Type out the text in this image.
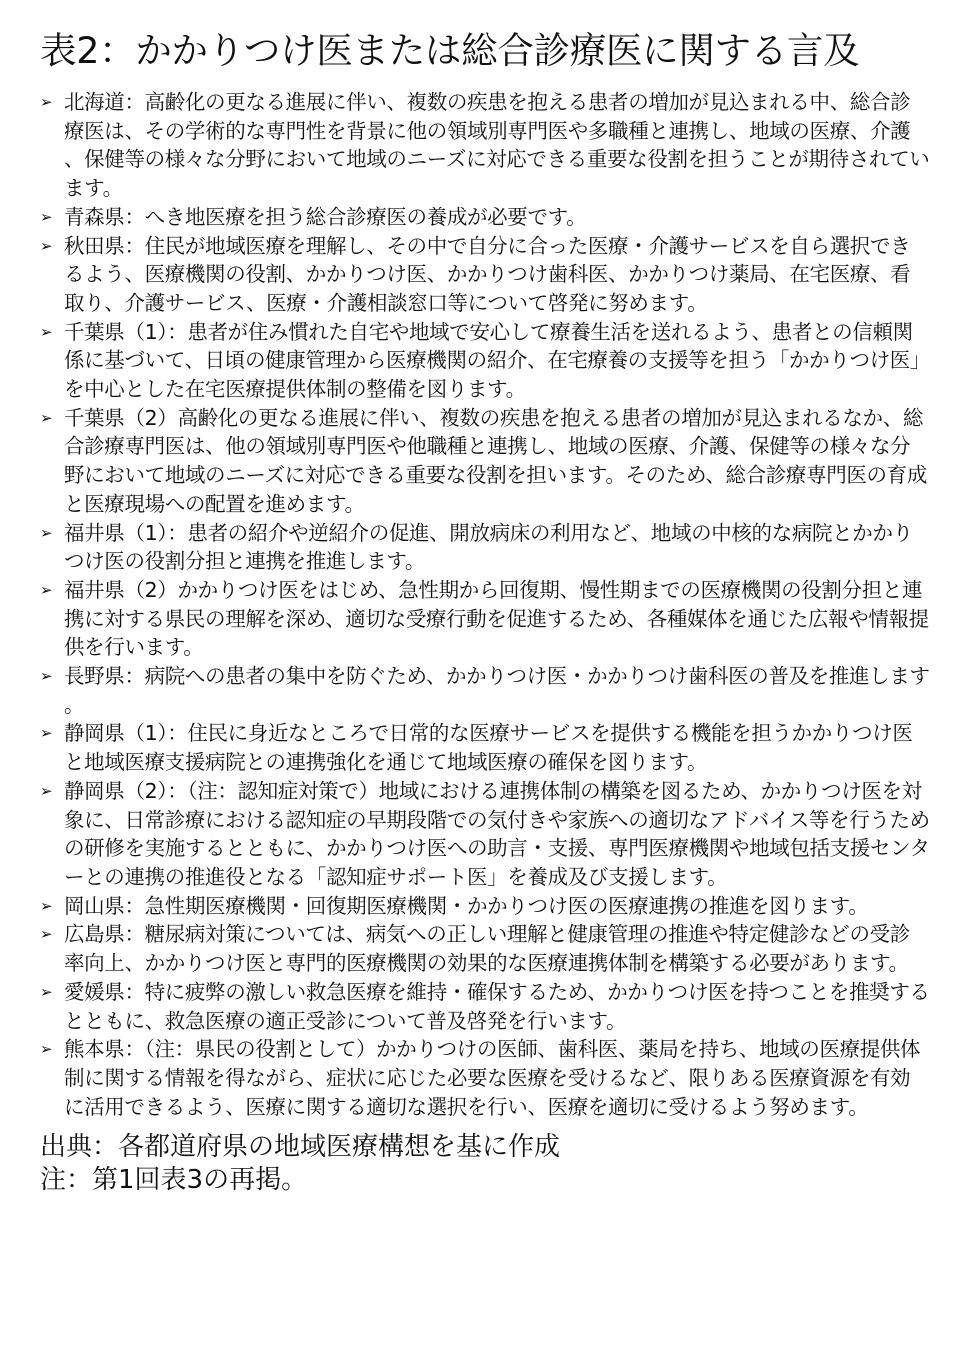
表2：かかりつけ医または総合診療医に関する言及
➢ 北海道：高齢化の更なる進展に伴い、複数の疾患を抱える患者の増加が見込まれる中、総合診療医は、その学術的な専門性を背景に他の領域別専門医や多職種と連携し、地域の医療、介護、保健等の様々な分野において地域のニーズに対応できる重要な役割を担うことが期待されています。
➢ 青森県：へき地医療を担う総合診療医の養成が必要です。
➢ 秋田県：住民が地域医療を理解し、その中で自分に合った医療・介護サービスを自ら選択できるよう、医療機関の役割、かかりつけ医、かかりつけ歯科医、かかりつけ薬局、在宅医療、看取り、介護サービス、医療・介護相談窓口等について啓発に努めます。
➢ 千葉県（1）：患者が住み慣れた自宅や地域で安心して療養生活を送れるよう、患者との信頼関係に基づいて、日頃の健康管理から医療機関の紹介、在宅療養の支援等を担う「かかりつけ医」を中心とした在宅医療提供体制の整備を図ります。
➢ 千葉県（2）高齢化の更なる進展に伴い、複数の疾患を抱える患者の増加が見込まれるなか、総合診療専門医は、他の領域別専門医や他職種と連携し、地域の医療、介護、保健等の様々な分野において地域のニーズに対応できる重要な役割を担います。そのため、総合診療専門医の育成と医療現場への配置を進めます。
➢ 福井県（1）：患者の紹介や逆紹介の促進、開放病床の利用など、地域の中核的な病院とかかりつけ医の役割分担と連携を推進します。
➢ 福井県（2）かかりつけ医をはじめ、急性期から回復期、慢性期までの医療機関の役割分担と連携に対する県民の理解を深め、適切な受療行動を促進するため、各種媒体を通じた広報や情報提供を行います。
➢ 長野県：病院への患者の集中を防ぐため、かかりつけ医・かかりつけ歯科医の普及を推進します。
➢ 静岡県（1）：住民に身近なところで日常的な医療サービスを提供する機能を担うかかりつけ医と地域医療支援病院との連携強化を通じて地域医療の確保を図ります。
➢ 静岡県（2）：（注：認知症対策で）地域における連携体制の構築を図るため、かかりつけ医を対象に、日常診療における認知症の早期段階での気付きや家族への適切なアドバイス等を行うための研修を実施するとともに、かかりつけ医への助言・支援、専門医療機関や地域包括支援センターとの連携の推進役となる「認知症サポート医」を養成及び支援します。
➢ 岡山県：急性期医療機関・回復期医療機関・かかりつけ医の医療連携の推進を図ります。
➢ 広島県：糖尿病対策については、病気への正しい理解と健康管理の推進や特定健診などの受診率向上、かかりつけ医と専門的医療機関の効果的な医療連携体制を構築する必要があります。
➢ 愛媛県：特に疲弊の激しい救急医療を維持・確保するため、かかりつけ医を持つことを推奨するとともに、救急医療の適正受診について普及啓発を行います。
➢ 熊本県：（注：県民の役割として）かかりつけの医師、歯科医、薬局を持ち、地域の医療提供体制に関する情報を得ながら、症状に応じた必要な医療を受けるなど、限りある医療資源を有効に活用できるよう、医療に関する適切な選択を行い、医療を適切に受けるよう努めます。
出典：各都道府県の地域医療構想を基に作成
注：第1回表3の再掲。
